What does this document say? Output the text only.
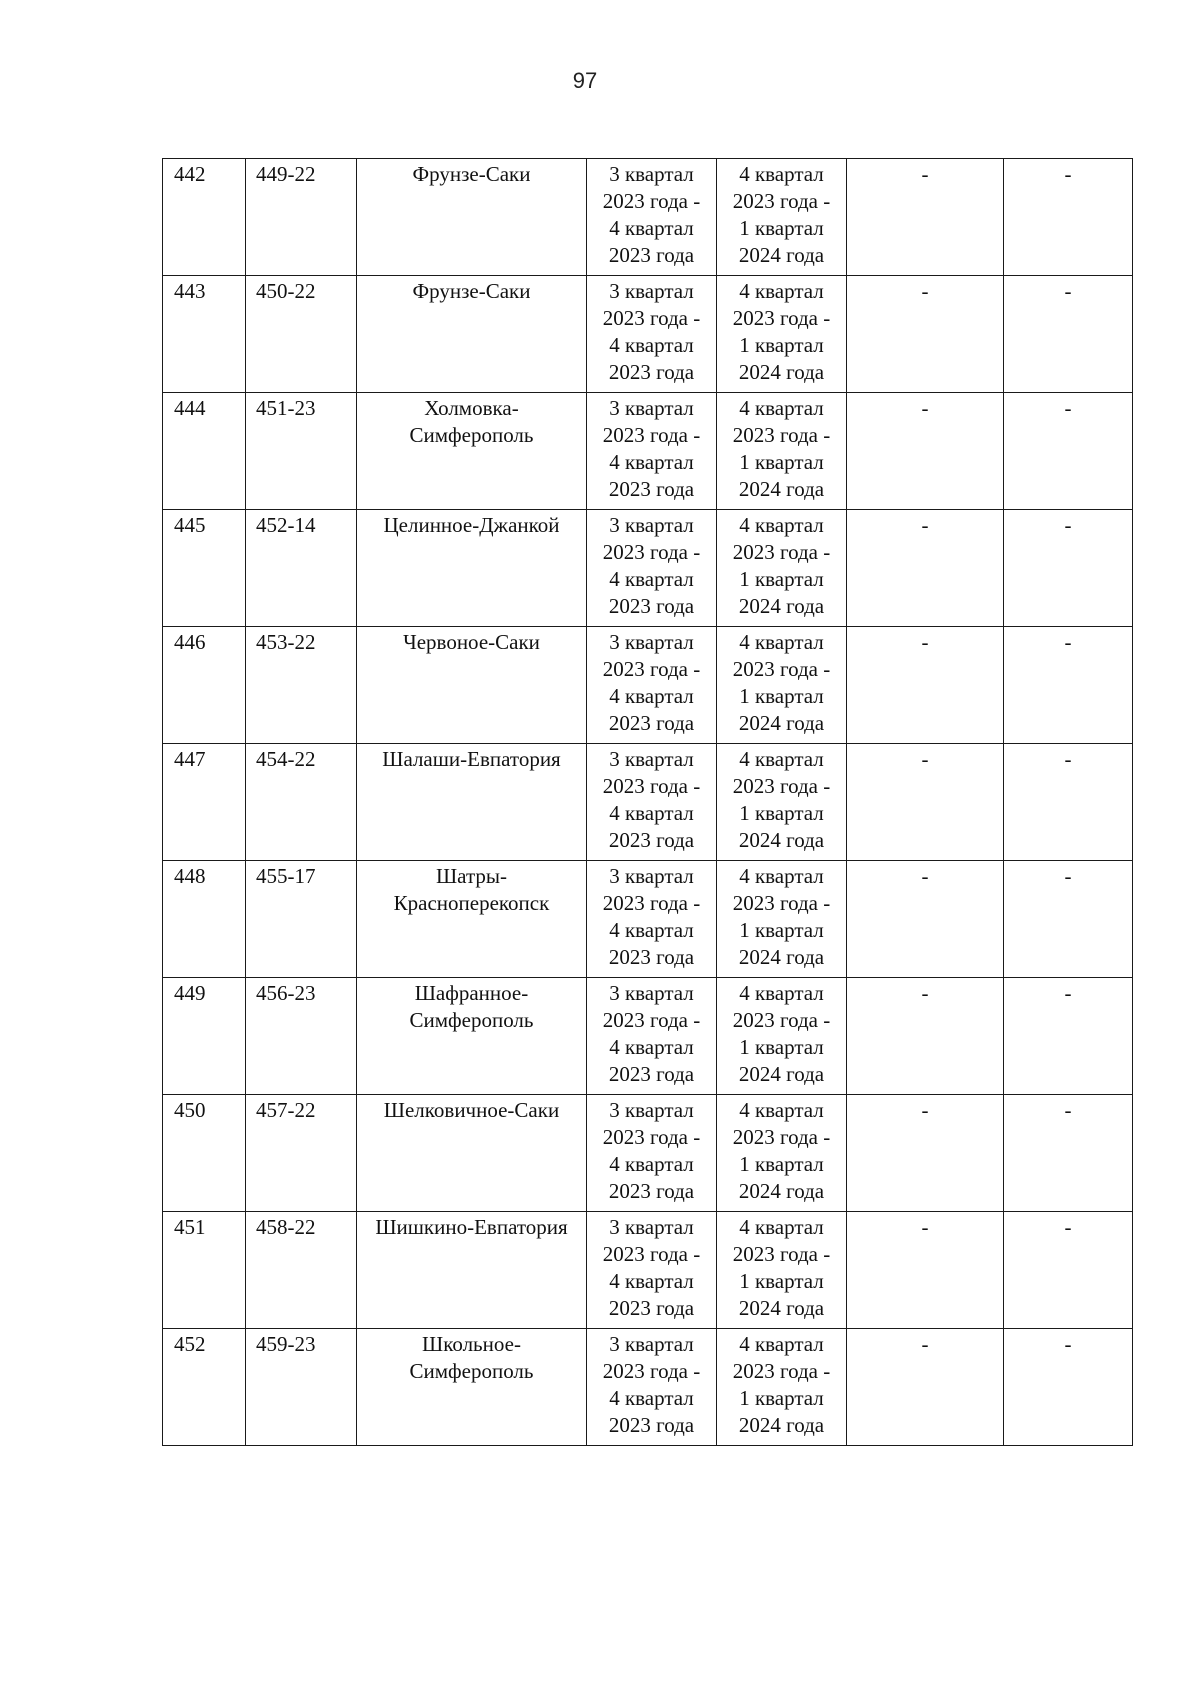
97
442	449-22	Фрунзе-Саки	3 квартал
2023 года -
4 квартал
2023 года	4 квартал
2023 года -
1 квартал
2024 года	-	-
443	450-22	Фрунзе-Саки	3 квартал
2023 года -
4 квартал
2023 года	4 квартал
2023 года -
1 квартал
2024 года	-	-
444	451-23	Холмовка-
Симферополь	3 квартал
2023 года -
4 квартал
2023 года	4 квартал
2023 года -
1 квартал
2024 года	-	-
445	452-14	Целинное-Джанкой	3 квартал
2023 года -
4 квартал
2023 года	4 квартал
2023 года -
1 квартал
2024 года	-	-
446	453-22	Червоное-Саки	3 квартал
2023 года -
4 квартал
2023 года	4 квартал
2023 года -
1 квартал
2024 года	-	-
447	454-22	Шалаши-Евпатория	3 квартал
2023 года -
4 квартал
2023 года	4 квартал
2023 года -
1 квартал
2024 года	-	-
448	455-17	Шатры-
Красноперекопск	3 квартал
2023 года -
4 квартал
2023 года	4 квартал
2023 года -
1 квартал
2024 года	-	-
449	456-23	Шафранное-
Симферополь	3 квартал
2023 года -
4 квартал
2023 года	4 квартал
2023 года -
1 квартал
2024 года	-	-
450	457-22	Шелковичное-Саки	3 квартал
2023 года -
4 квартал
2023 года	4 квартал
2023 года -
1 квартал
2024 года	-	-
451	458-22	Шишкино-Евпатория	3 квартал
2023 года -
4 квартал
2023 года	4 квартал
2023 года -
1 квартал
2024 года	-	-
452	459-23	Школьное-
Симферополь	3 квартал
2023 года -
4 квартал
2023 года	4 квартал
2023 года -
1 квартал
2024 года	-	-
